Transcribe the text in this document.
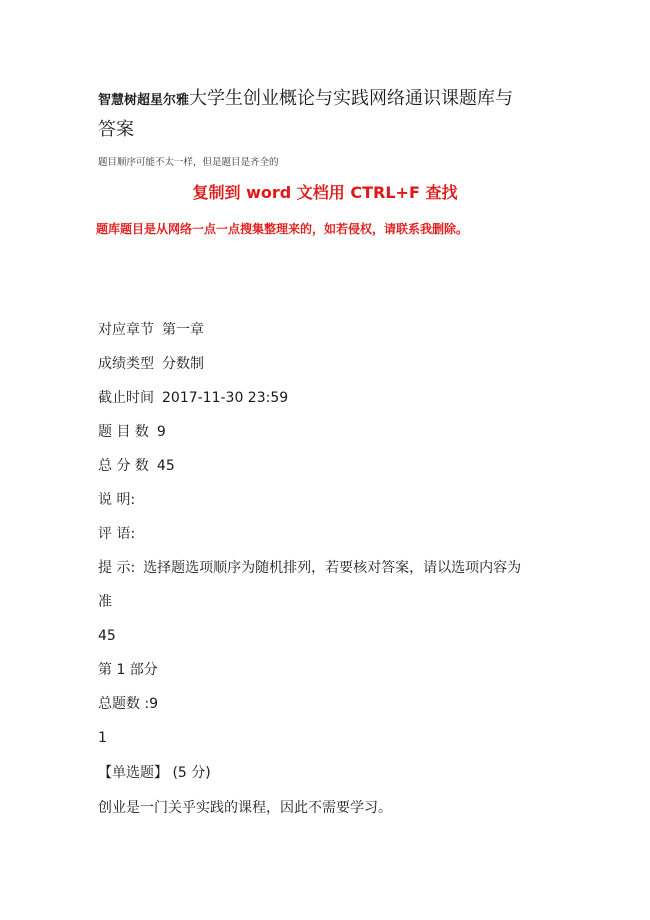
智慧树超星尔雅大学生创业概论与实践网络通识课题库与
答案
题目顺序可能不太一样，但是题目是齐全的
复制到 word 文档用 CTRL+F 查找
题库题目是从网络一点一点搜集整理来的，如若侵权，请联系我删除。
对应章节 第一章
成绩类型 分数制
截止时间 2017-11-30 23:59
题 目 数 9
总 分 数 45
说 明:
评 语:
提 示: 选择题选项顺序为随机排列，若要核对答案，请以选项内容为
准
45
第 1 部分
总题数 :9
1
【单选题】 (5 分)
创业是一门关乎实践的课程，因此不需要学习。
